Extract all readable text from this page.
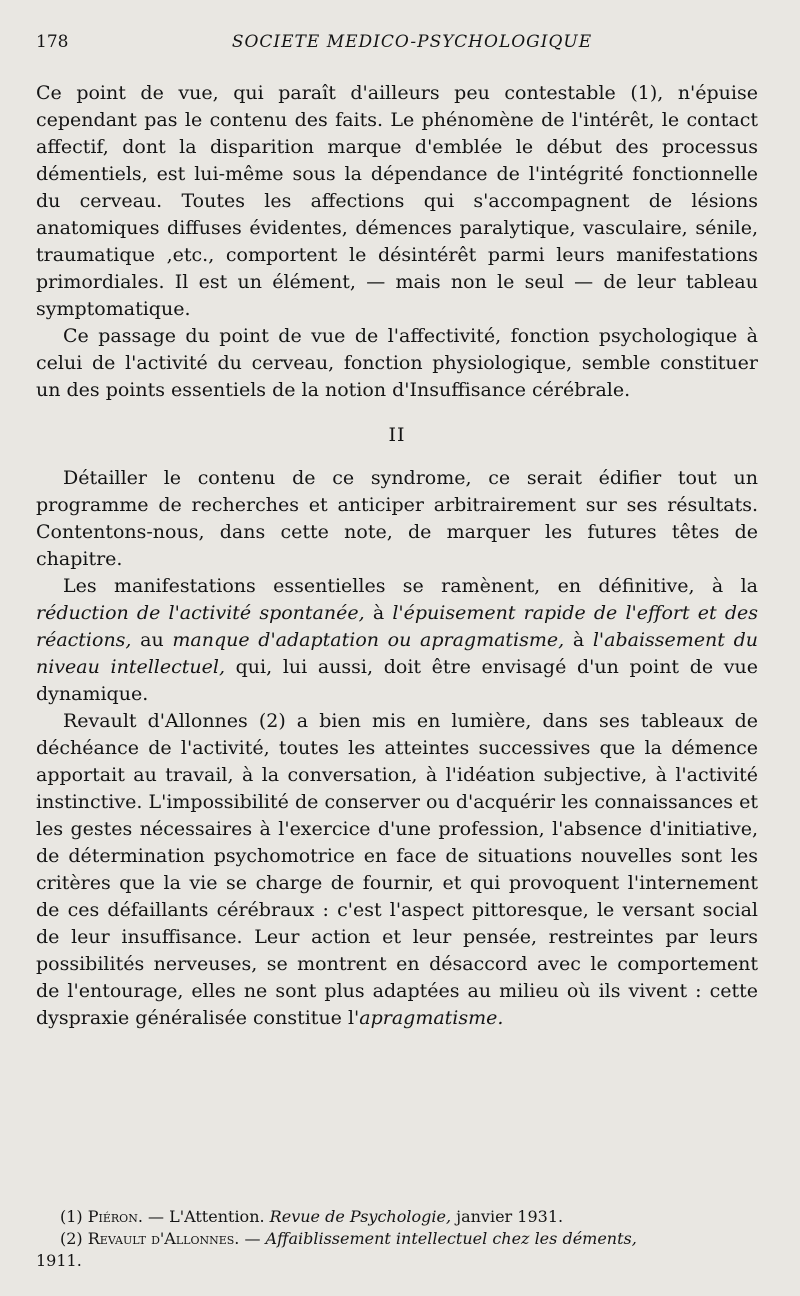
178	SOCIETE MEDICO-PSYCHOLOGIQUE

Ce point de vue, qui paraît d'ailleurs peu contestable (1), n'épuise cependant pas le contenu des faits. Le phénomène de l'intérêt, le contact affectif, dont la disparition marque d'emblée le début des processus démentiels, est lui-même sous la dépendance de l'intégrité fonctionnelle du cerveau. Toutes les affections qui s'accompagnent de lésions anatomiques diffuses évidentes, démences paralytique, vasculaire, sénile, traumatique ,etc., comportent le désintérêt parmi leurs manifestations primordiales. Il est un élément, — mais non le seul — de leur tableau symptomatique.

Ce passage du point de vue de l'affectivité, fonction psychologique à celui de l'activité du cerveau, fonction physiologique, semble constituer un des points essentiels de la notion d'Insuffisance cérébrale.

II

Détailler le contenu de ce syndrome, ce serait édifier tout un programme de recherches et anticiper arbitrairement sur ses résultats. Contentons-nous, dans cette note, de marquer les futures têtes de chapitre.

Les manifestations essentielles se ramènent, en définitive, à la réduction de l'activité spontanée, à l'épuisement rapide de l'effort et des réactions, au manque d'adaptation ou apragmatisme, à l'abaissement du niveau intellectuel, qui, lui aussi, doit être envisagé d'un point de vue dynamique.

Revault d'Allonnes (2) a bien mis en lumière, dans ses tableaux de déchéance de l'activité, toutes les atteintes successives que la démence apportait au travail, à la conversation, à l'idéation subjective, à l'activité instinctive. L'impossibilité de conserver ou d'acquérir les connaissances et les gestes nécessaires à l'exercice d'une profession, l'absence d'initiative, de détermination psychomotrice en face de situations nouvelles sont les critères que la vie se charge de fournir, et qui provoquent l'internement de ces défaillants cérébraux : c'est l'aspect pittoresque, le versant social de leur insuffisance. Leur action et leur pensée, restreintes par leurs possibilités nerveuses, se montrent en désaccord avec le comportement de l'entourage, elles ne sont plus adaptées au milieu où ils vivent : cette dyspraxie généralisée constitue l'apragmatisme.

(1) Piéron. — L'Attention. Revue de Psychologie, janvier 1931.

(2) Revault d'Allonnes. — Affaiblissement intellectuel chez les déments,

1911.
